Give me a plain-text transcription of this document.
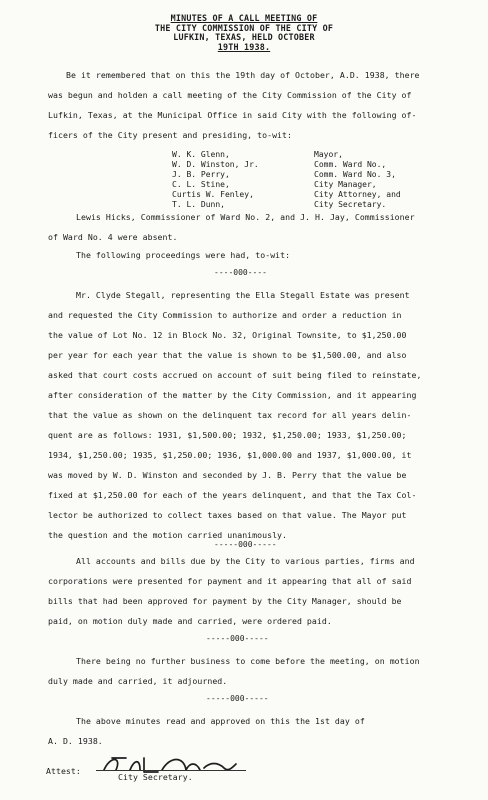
MINUTES OF A CALL MEETING OF
THE CITY COMMISSION OF THE CITY OF
LUFKIN, TEXAS, HELD OCTOBER
19TH 1938.
Be it remembered that on this the 19th day of October, A.D. 1938, there
was begun and holden a call meeting of the City Commission of the City of
Lufkin, Texas, at the Municipal Office in said City with the following of-
ficers of the City present and presiding, to-wit:
W. K. Glenn,	Mayor,
W. D. Winston, Jr.	Comm. Ward No.,
J. B. Perry,	Comm. Ward No. 3,
C. L. Stine,	City Manager,
Curtis W. Fenley,	City Attorney, and
T. L. Dunn,	City Secretary.
Lewis Hicks, Commissioner of Ward No. 2, and J. H. Jay, Commissioner
of Ward No. 4 were absent.
The following proceedings were had, to-wit:
----000----
Mr. Clyde Stegall, representing the Ella Stegall Estate was present
and requested the City Commission to authorize and order a reduction in
the value of Lot No. 12 in Block No. 32, Original Townsite, to $1,250.00
per year for each year that the value is shown to be $1,500.00, and also
asked that court costs accrued on account of suit being filed to reinstate,
after consideration of the matter by the City Commission, and it appearing
that the value as shown on the delinquent tax record for all years delin-
quent are as follows: 1931, $1,500.00; 1932, $1,250.00; 1933, $1,250.00;
1934, $1,250.00; 1935, $1,250.00; 1936, $1,000.00 and 1937, $1,000.00, it
was moved by W. D. Winston and seconded by J. B. Perry that the value be
fixed at $1,250.00 for each of the years delinquent, and that the Tax Col-
lector be authorized to collect taxes based on that value. The Mayor put
the question and the motion carried unanimously.
-----000-----
All accounts and bills due by the City to various parties, firms and
corporations were presented for payment and it appearing that all of said
bills that had been approved for payment by the City Manager, should be
paid, on motion duly made and carried, were ordered paid.
-----000-----
There being no further business to come before the meeting, on motion
duly made and carried, it adjourned.
-----000-----
The above minutes read and approved on this the 1st day of
A. D. 1938.
Attest:
City Secretary.
